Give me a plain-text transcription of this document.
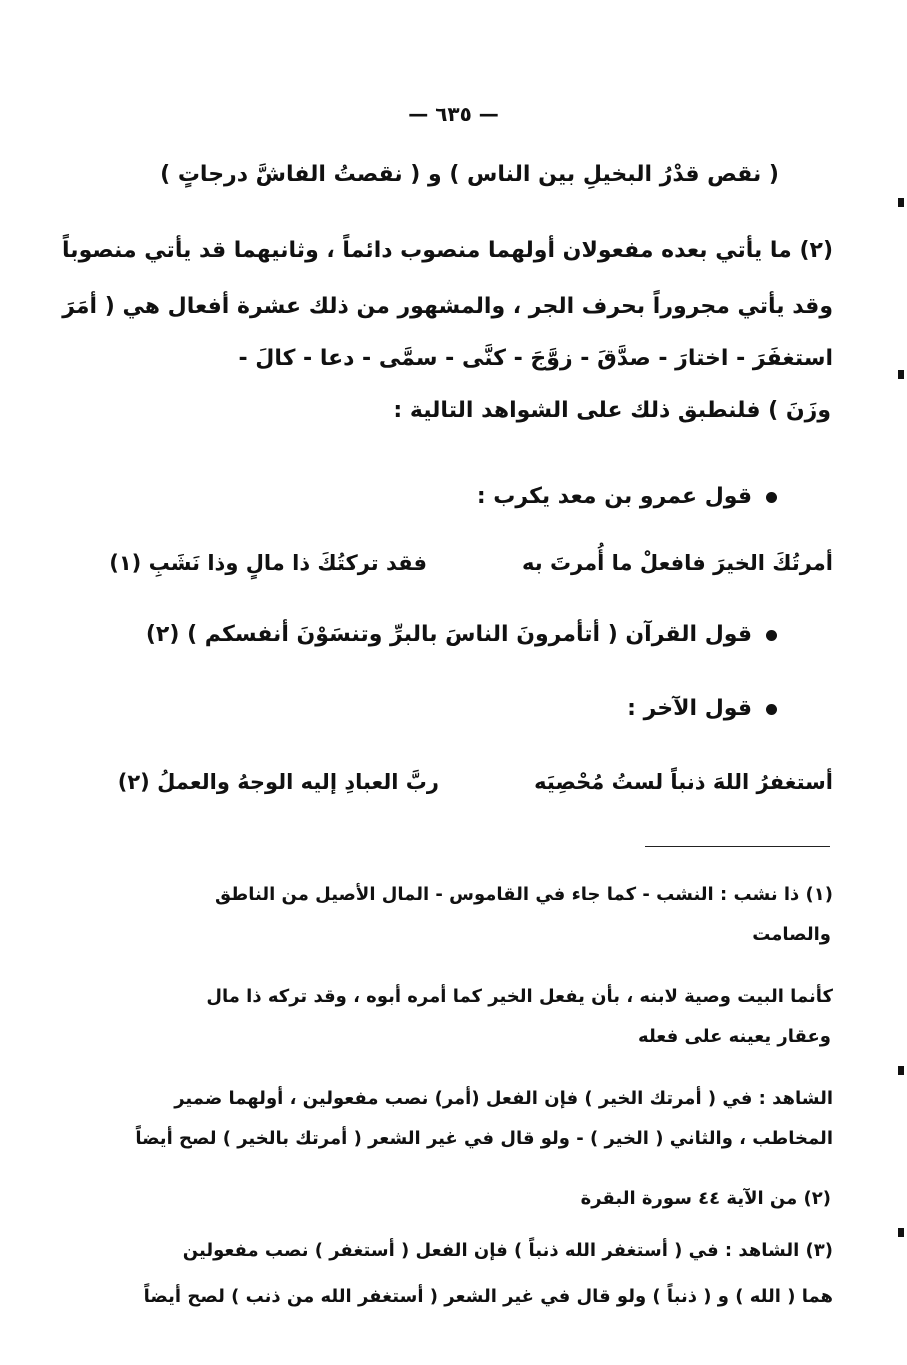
— ٦٣٥ —
( نقص قدْرُ البخيلِ بين الناس ) و ( نقصتُ الفاشَّ درجاتٍ )
(٢) ما يأتي بعده مفعولان أولهما منصوب دائماً ، وثانيهما قد يأتي منصوباً
وقد يأتي مجروراً بحرف الجر ، والمشهور من ذلك عشرة أفعال هي ( أمَرَ
استغفَرَ - اختارَ - صدَّقَ - زوَّجَ - كنَّى - سمَّى - دعا - كالَ -
وزَنَ ) فلنطبق ذلك على الشواهد التالية :
قول عمرو بن معد يكرب :
أمرتُكَ الخيرَ فافعلْ ما أُمرتَ به
فقد تركتُكَ ذا مالٍ وذا نَشَبِ (١)
قول القرآن ( أتأمرونَ الناسَ بالبرِّ وتنسَوْنَ أنفسكم ) (٢)
قول الآخر :
أستغفرُ اللهَ ذنباً لستُ مُحْصِيَه
ربَّ العبادِ إليه الوجهُ والعملُ (٢)
(١) ذا نشب : النشب - كما جاء في القاموس - المال الأصيل من الناطق
والصامت
كأنما البيت وصية لابنه ، بأن يفعل الخير كما أمره أبوه ، وقد تركه ذا مال
وعقار يعينه على فعله
الشاهد : في ( أمرتك الخير ) فإن الفعل (أمر) نصب مفعولين ، أولهما ضمير
المخاطب ، والثاني ( الخير ) - ولو قال في غير الشعر ( أمرتك بالخير ) لصح أيضاً
(٢) من الآية ٤٤ سورة البقرة
(٣) الشاهد : في ( أستغفر الله ذنباً ) فإن الفعل ( أستغفر ) نصب مفعولين
هما ( الله ) و ( ذنباً ) ولو قال في غير الشعر ( أستغفر الله من ذنب ) لصح أيضاً
